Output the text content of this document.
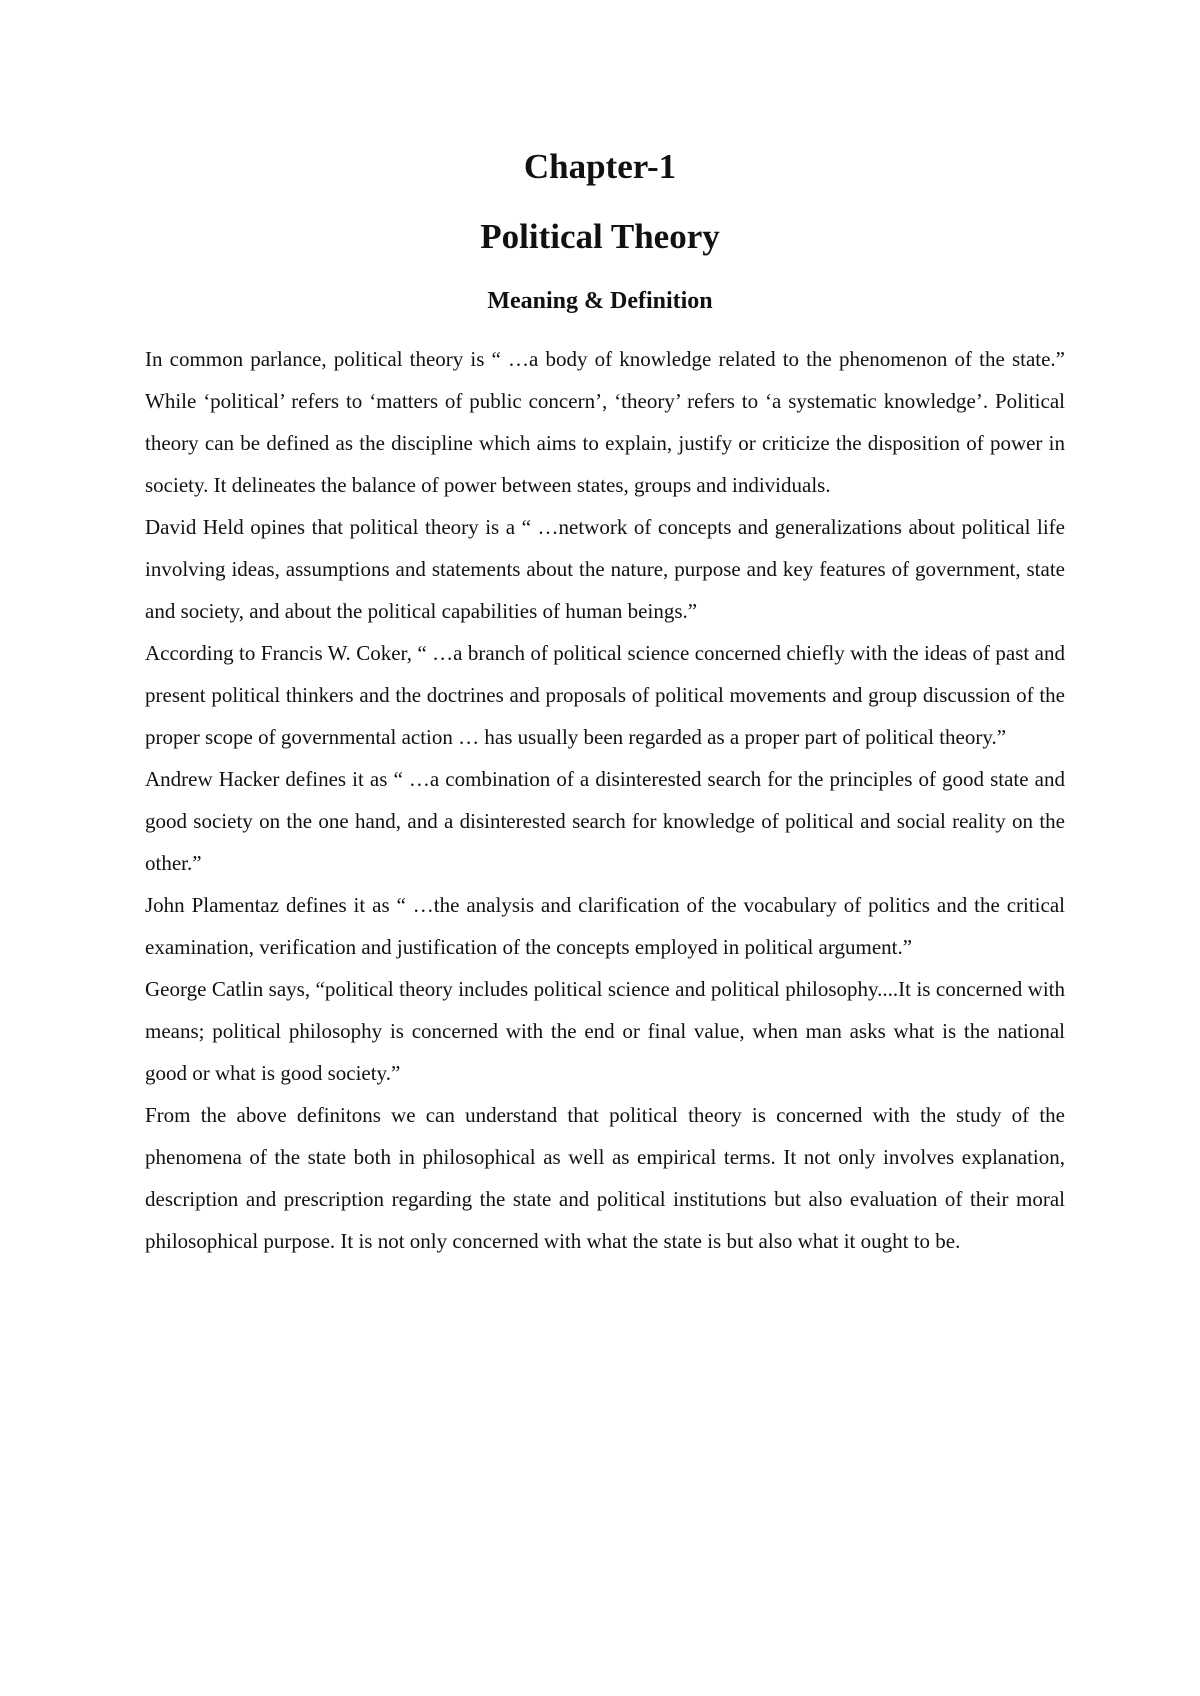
Chapter-1
Political Theory
Meaning & Definition

In common parlance, political theory is “ …a body of knowledge related to the phenomenon of the state.” While ‘political’ refers to ‘matters of public concern’, ‘theory’ refers to ‘a systematic knowledge’. Political theory can be defined as the discipline which aims to explain, justify or criticize the disposition of power in society. It delineates the balance of power between states, groups and individuals.

David Held opines that political theory is a “ …network of concepts and generalizations about political life involving ideas, assumptions and statements about the nature, purpose and key features of government, state and society, and about the political capabilities of human beings.”

According to Francis W. Coker, “ …a branch of political science concerned chiefly with the ideas of past and present political thinkers and the doctrines and proposals of political movements and group discussion of the proper scope of governmental action … has usually been regarded as a proper part of political theory.”

Andrew Hacker defines it as “ …a combination of a disinterested search for the principles of good state and good society on the one hand, and a disinterested search for knowledge of political and social reality on the other.”

John Plamentaz defines it as “ …the analysis and clarification of the vocabulary of politics and the critical examination, verification and justification of the concepts employed in political argument.”

George Catlin says, “political theory includes political science and political philosophy....It is concerned with means; political philosophy is concerned with the end or final value, when man asks what is the national good or what is good society.”

From the above definitons we can understand that political theory is concerned with the study of the phenomena of the state both in philosophical as well as empirical terms. It not only involves explanation, description and prescription regarding the state and political institutions but also evaluation of their moral philosophical purpose. It is not only concerned with what the state is but also what it ought to be.
